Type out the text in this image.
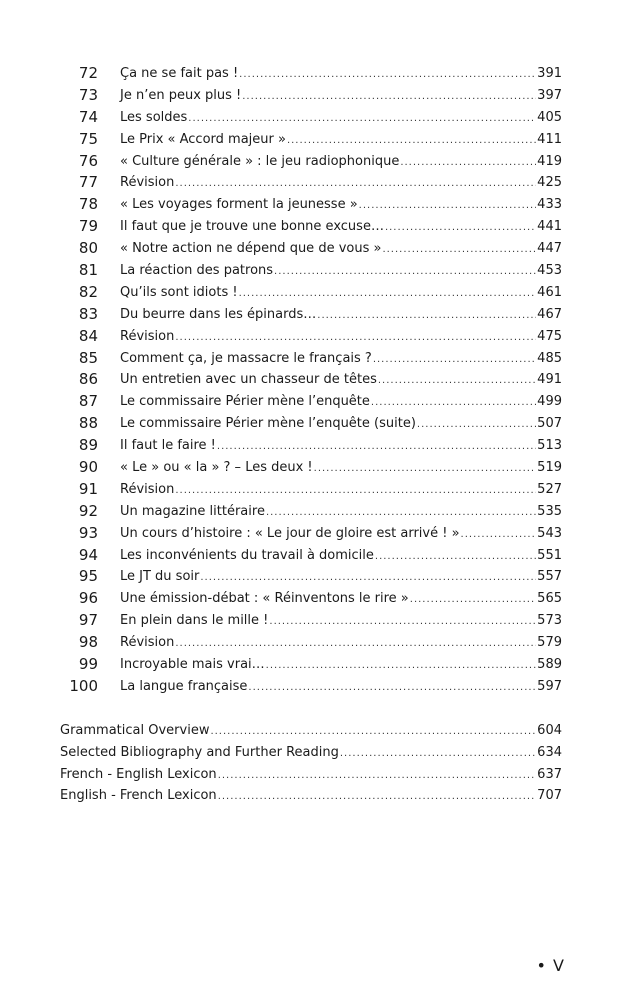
72 Ça ne se fait pas ! .....	391
73 Je n’en peux plus ! .....	397
74 Les soldes .....	405
75 Le Prix « Accord majeur » .....	411
76 « Culture générale » : le jeu radiophonique .....	419
77 Révision .....	425
78 « Les voyages forment la jeunesse » .....	433
79 Il faut que je trouve une bonne excuse… .....	441
80 « Notre action ne dépend que de vous » .....	447
81 La réaction des patrons .....	453
82 Qu’ils sont idiots ! .....	461
83 Du beurre dans les épinards… .....	467
84 Révision .....	475
85 Comment ça, je massacre le français ? .....	485
86 Un entretien avec un chasseur de têtes .....	491
87 Le commissaire Périer mène l’enquête .....	499
88 Le commissaire Périer mène l’enquête (suite) .....	507
89 Il faut le faire ! .....	513
90 « Le » ou « la » ? – Les deux ! .....	519
91 Révision .....	527
92 Un magazine littéraire .....	535
93 Un cours d’histoire : « Le jour de gloire est arrivé ! » .....	543
94 Les inconvénients du travail à domicile .....	551
95 Le JT du soir .....	557
96 Une émission-débat : « Réinventons le rire » .....	565
97 En plein dans le mille ! .....	573
98 Révision .....	579
99 Incroyable mais vrai… .....	589
100 La langue française .....	597
Grammatical Overview .....	604
Selected Bibliography and Further Reading .....	634
French - English Lexicon .....	637
English - French Lexicon .....	707
• V
